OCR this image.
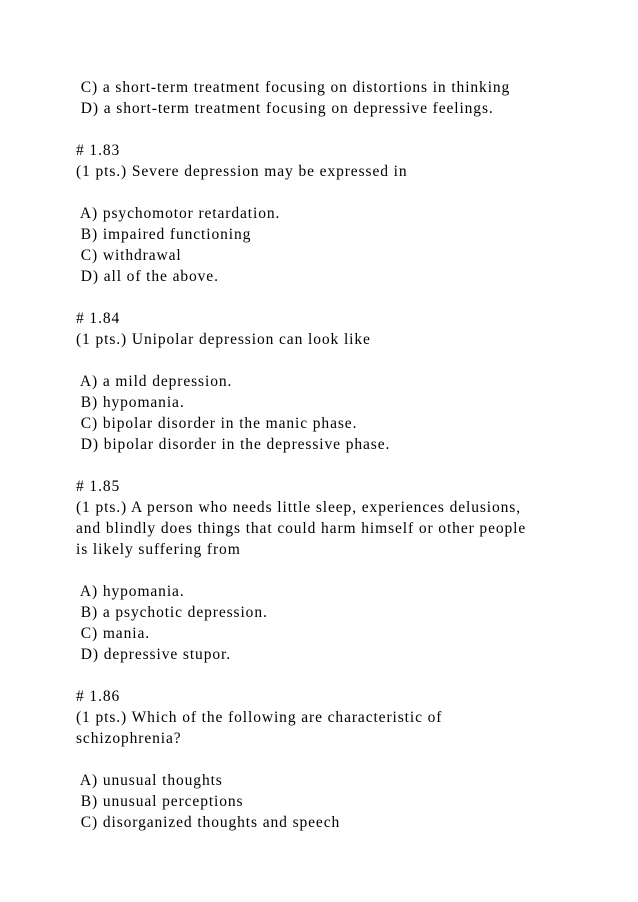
C) a short-term treatment focusing on distortions in thinking

D) a short-term treatment focusing on depressive feelings.

# 1.83

(1 pts.) Severe depression may be expressed in

A) psychomotor retardation.

B) impaired functioning

C) withdrawal

D) all of the above.

# 1.84

(1 pts.) Unipolar depression can look like

A) a mild depression.

B) hypomania.

C) bipolar disorder in the manic phase.

D) bipolar disorder in the depressive phase.

# 1.85

(1 pts.) A person who needs little sleep, experiences delusions,

and blindly does things that could harm himself or other people

is likely suffering from

A) hypomania.

B) a psychotic depression.

C) mania.

D) depressive stupor.

# 1.86

(1 pts.) Which of the following are characteristic of

schizophrenia?

A) unusual thoughts

B) unusual perceptions

C) disorganized thoughts and speech
